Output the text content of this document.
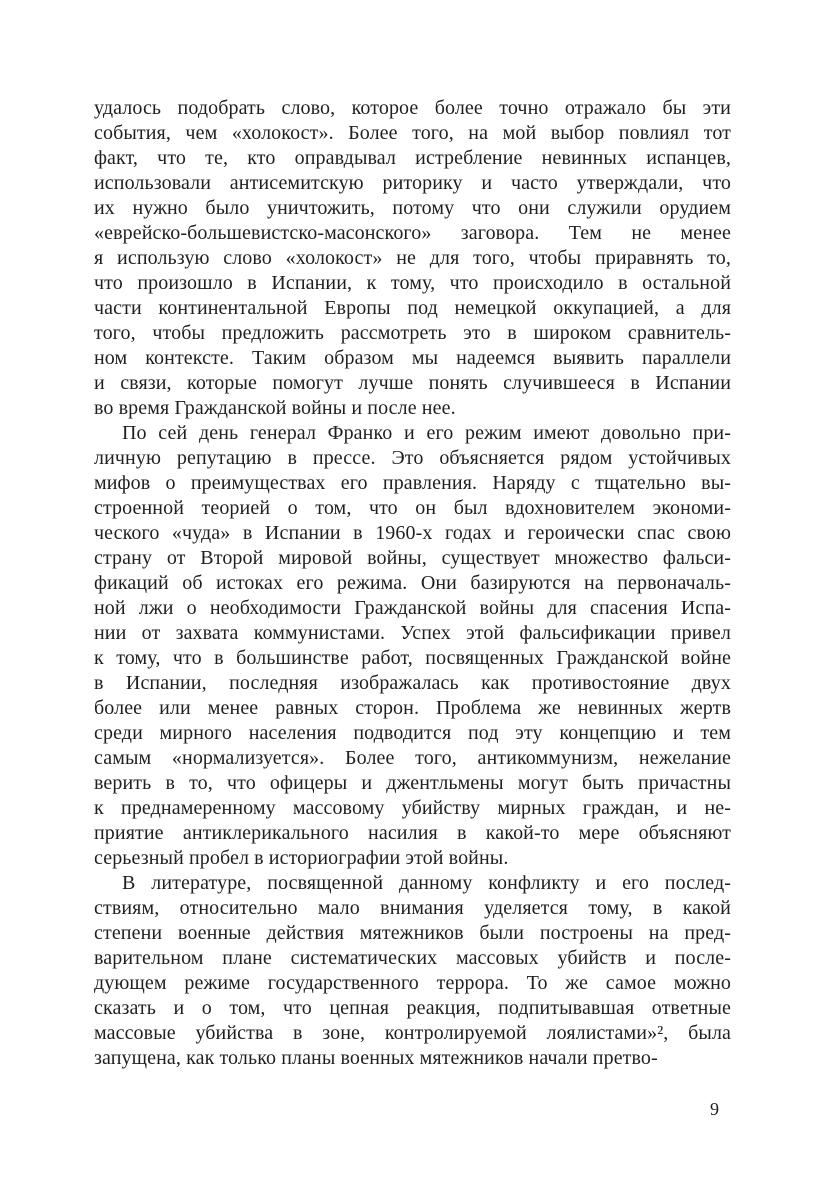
удалось подобрать слово, которое более точно отражало бы эти
события, чем «холокост». Более того, на мой выбор повлиял тот
факт, что те, кто оправдывал истребление невинных испанцев,
использовали антисемитскую риторику и часто утверждали, что
их нужно было уничтожить, потому что они служили орудием
«еврейско-большевистско-масонского» заговора. Тем не менее
я использую слово «холокост» не для того, чтобы приравнять то,
что произошло в Испании, к тому, что происходило в остальной
части континентальной Европы под немецкой оккупацией, а для
того, чтобы предложить рассмотреть это в широком сравнитель-
ном контексте. Таким образом мы надеемся выявить параллели
и связи, которые помогут лучше понять случившееся в Испании
во время Гражданской войны и после нее.
По сей день генерал Франко и его режим имеют довольно при-
личную репутацию в прессе. Это объясняется рядом устойчивых
мифов о преимуществах его правления. Наряду с тщательно вы-
строенной теорией о том, что он был вдохновителем экономи-
ческого «чуда» в Испании в 1960-х годах и героически спас свою
страну от Второй мировой войны, существует множество фальси-
фикаций об истоках его режима. Они базируются на первоначаль-
ной лжи о необходимости Гражданской войны для спасения Испа-
нии от захвата коммунистами. Успех этой фальсификации привел
к тому, что в большинстве работ, посвященных Гражданской войне
в Испании, последняя изображалась как противостояние двух
более или менее равных сторон. Проблема же невинных жертв
среди мирного населения подводится под эту концепцию и тем
самым «нормализуется». Более того, антикоммунизм, нежелание
верить в то, что офицеры и джентльмены могут быть причастны
к преднамеренному массовому убийству мирных граждан, и не-
приятие антиклерикального насилия в какой-то мере объясняют
серьезный пробел в историографии этой войны.
В литературе, посвященной данному конфликту и его послед-
ствиям, относительно мало внимания уделяется тому, в какой
степени военные действия мятежников были построены на пред-
варительном плане систематических массовых убийств и после-
дующем режиме государственного террора. То же самое можно
сказать и о том, что цепная реакция, подпитывавшая ответные
массовые убийства в зоне, контролируемой лоялистами»², была
запущена, как только планы военных мятежников начали претво-
9
